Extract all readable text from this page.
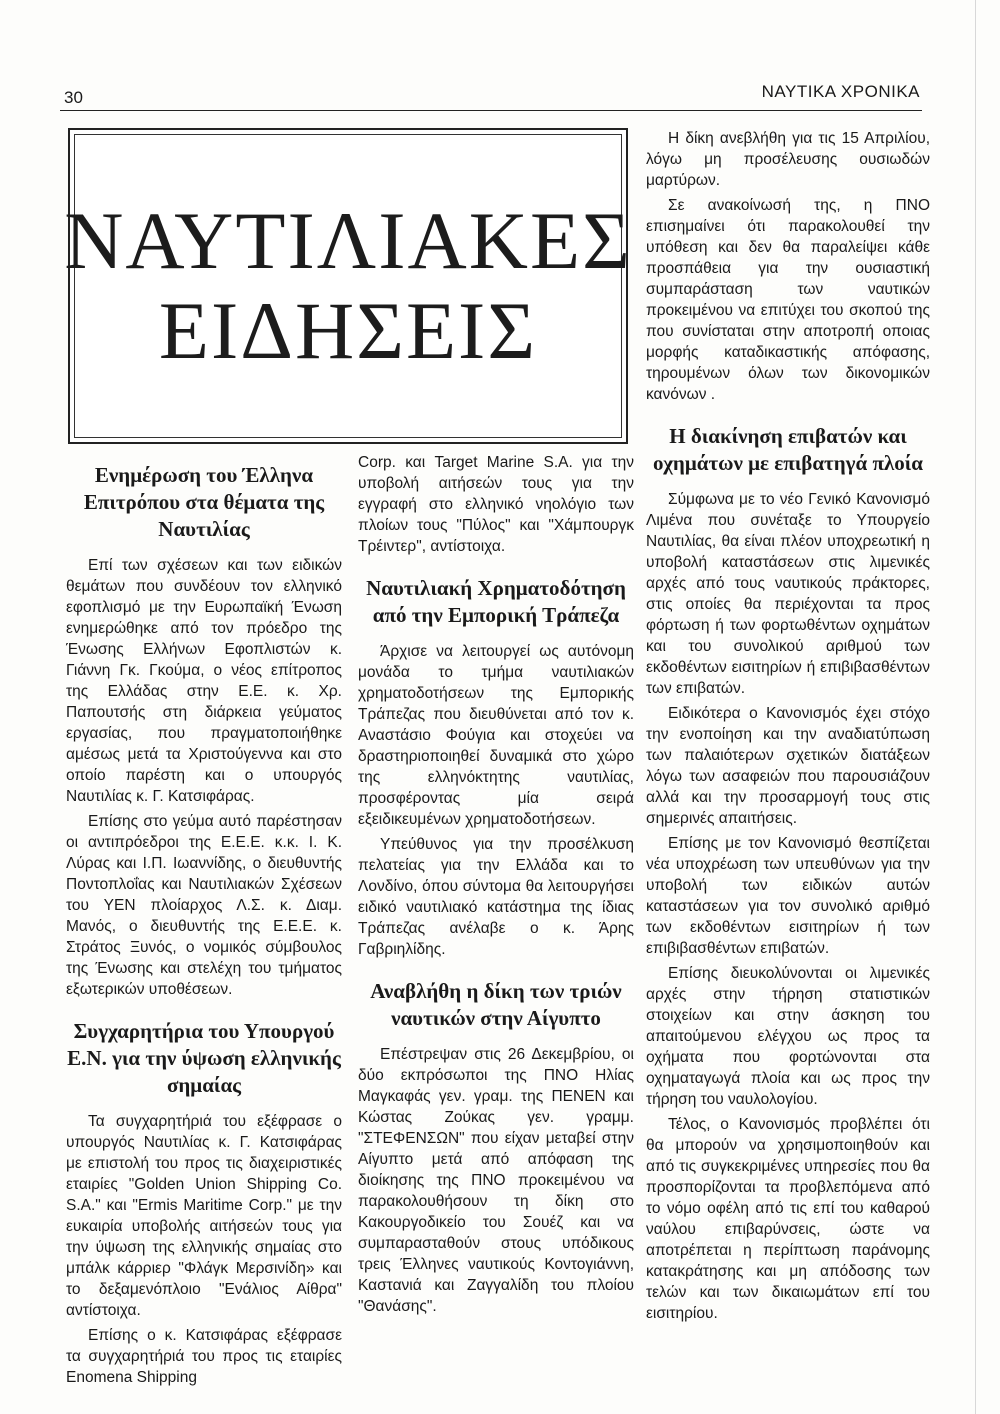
30	ΝΑΥΤΙΚΑ ΧΡΟΝΙΚΑ
ΝΑΥΤΙΛΙΑΚΕΣ
ΕΙΔΗΣΕΙΣ
Ενημέρωση του Έλληνα Επιτρόπου στα θέματα της Ναυτιλίας

Επί των σχέσεων και των ειδικών θεμάτων που συνδέουν τον ελληνικό εφοπλισμό με την Ευρωπαϊκή Ένωση ενημερώθηκε από τον πρόεδρο της Ένωσης Ελλήνων Εφοπλιστών κ. Γιάννη Γκ. Γκούμα, ο νέος επίτροπος της Ελλάδας στην Ε.Ε. κ. Χρ. Παπουτσής στη διάρκεια γεύματος εργασίας, που πραγματοποιήθηκε αμέσως μετά τα Χριστούγεννα και στο οποίο παρέστη και ο υπουργός Ναυτιλίας κ. Γ. Κατσιφάρας.

Επίσης στο γεύμα αυτό παρέστησαν οι αντιπρόεδροι της Ε.Ε.Ε. κ.κ. Ι. Κ. Λύρας και Ι.Π. Ιωαννίδης, ο διευθυντής Ποντοπλοΐας και Ναυτιλιακών Σχέσεων του ΥΕΝ πλοίαρχος Λ.Σ. κ. Διαμ. Μανός, ο διευθυντής της Ε.Ε.Ε. κ. Στράτος Ξυνός, ο νομικός σύμβουλος της Ένωσης και στελέχη του τμήματος εξωτερικών υποθέσεων.

Συγχαρητήρια του Υπουργού Ε.Ν. για την ύψωση ελληνικής σημαίας

Τα συγχαρητήριά του εξέφρασε ο υπουργός Ναυτιλίας κ. Γ. Κατσιφάρας με επιστολή του προς τις διαχειριστικές εταιρίες "Golden Union Shipping Co. S.A." και "Ermis Maritime Corp." με την ευκαιρία υποβολής αιτήσεών τους για την ύψωση της ελληνικής σημαίας στο μπάλκ κάρριερ "Φλάγκ Μερσινίδη» και το δεξαμενόπλοιο "Ενάλιος Αίθρα" αντίστοιχα.

Επίσης ο κ. Κατσιφάρας εξέφρασε τα συγχαρητήριά του προς τις εταιρίες Enomena Shipping

Corp. και Target Marine S.A. για την υποβολή αιτήσεών τους για την εγγραφή στο ελληνικό νηολόγιο των πλοίων τους "Πύλος" και "Χάμπουργκ Τρέιντερ", αντίστοιχα.

Ναυτιλιακή Χρηματοδότηση από την Εμπορική Τράπεζα

Άρχισε να λειτουργεί ως αυτόνομη μονάδα το τμήμα ναυτιλιακών χρηματοδοτήσεων της Εμπορικής Τράπεζας που διευθύνεται από τον κ. Αναστάσιο Φούγια και στοχεύει να δραστηριοποιηθεί δυναμικά στο χώρο της ελληνόκτητης ναυτιλίας, προσφέροντας μία σειρά εξειδικευμένων χρηματοδοτήσεων.

Υπεύθυνος για την προσέλκυση πελατείας για την Ελλάδα και το Λονδίνο, όπου σύντομα θα λειτουργήσει ειδικό ναυτιλιακό κατάστημα της ίδιας Τράπεζας ανέλαβε ο κ. Άρης Γαβριηλίδης.

Αναβλήθη η δίκη των τριών ναυτικών στην Αίγυπτο

Επέστρεψαν στις 26 Δεκεμβρίου, οι δύο εκπρόσωποι της ΠΝΟ Ηλίας Μαγκαφάς γεν. γραμ. της ΠΕΝΕΝ και Κώστας Ζούκας γεν. γραμμ. "ΣΤΕΦΕΝΣΩΝ" που είχαν μεταβεί στην Αίγυπτο μετά από απόφαση της διοίκησης της ΠΝΟ προκειμένου να παρακολουθήσουν τη δίκη στο Κακουργοδικείο του Σουέζ και να συμπαρασταθούν στους υπόδικους τρεις Έλληνες ναυτικούς Κοντογιάννη, Καστανιά και Ζαγγαλίδη του πλοίου "Θανάσης".

Η δίκη ανεβλήθη για τις 15 Απριλίου, λόγω μη προσέλευσης ουσιωδών μαρτύρων.

Σε ανακοίνωσή της, η ΠΝΟ επισημαίνει ότι παρακολουθεί την υπόθεση και δεν θα παραλείψει κάθε προσπάθεια για την ουσιαστική συμπαράσταση των ναυτικών προκειμένου να επιτύχει του σκοπού της που συνίσταται στην αποτροπή οποιας μορφής καταδικαστικής απόφασης, τηρουμένων όλων των δικονομικών κανόνων .

Η διακίνηση επιβατών και οχημάτων με επιβατηγά πλοία

Σύμφωνα με το νέο Γενικό Κανονισμό Λιμένα που συνέταξε το Υπουργείο Ναυτιλίας, θα είναι πλέον υποχρεωτική η υποβολή καταστάσεων στις λιμενικές αρχές από τους ναυτικούς πράκτορες, στις οποίες θα περιέχονται τα προς φόρτωση ή των φορτωθέντων οχημάτων και του συνολικού αριθμού των εκδοθέντων εισιτηρίων ή επιβιβασθέντων των επιβατών.

Ειδικότερα ο Κανονισμός έχει στόχο την ενοποίηση και την αναδιατύπωση των παλαιότερων σχετικών διατάξεων λόγω των ασαφειών που παρουσιάζουν αλλά και την προσαρμογή τους στις σημερινές απαιτήσεις.

Επίσης με τον Κανονισμό θεσπίζεται νέα υποχρέωση των υπευθύνων για την υποβολή των ειδικών αυτών καταστάσεων για τον συνολικό αριθμό των εκδοθέντων εισιτηρίων ή των επιβιβασθέντων επιβατών.

Επίσης διευκολύνονται οι λιμενικές αρχές στην τήρηση στατιστικών στοιχείων και στην άσκηση του απαιτούμενου ελέγχου ως προς τα οχήματα που φορτώνονται στα οχηματαγωγά πλοία και ως προς την τήρηση του ναυλολογίου.

Τέλος, ο Κανονισμός προβλέπει ότι θα μπορούν να χρησιμοποιηθούν και από τις συγκεκριμένες υπηρεσίες που θα προσπορίζονται τα προβλεπόμενα από το νόμο οφέλη από τις επί του καθαρού ναύλου επιβαρύνσεις, ώστε να αποτρέπεται η περίπτωση παράνομης κατακράτησης και μη απόδοσης των τελών και των δικαιωμάτων επί του εισιτηρίου.
